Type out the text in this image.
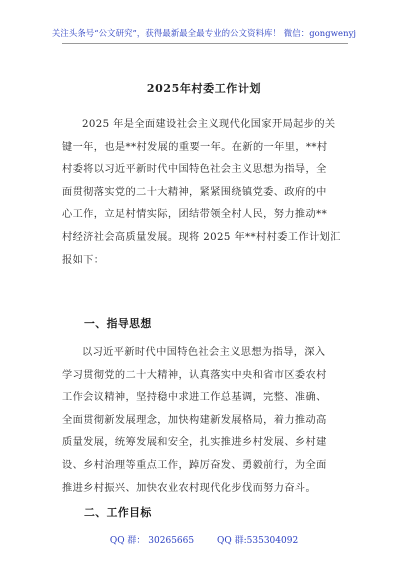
关注头条号“公文研究”，获得最新最全最专业的公文资料库！ 微信：gongwenyj
2025年村委工作计划
2025 年是全面建设社会主义现代化国家开局起步的关
键一年，也是**村发展的重要一年。在新的一年里，**村
村委将以习近平新时代中国特色社会主义思想为指导，全
面贯彻落实党的二十大精神，紧紧围绕镇党委、政府的中
心工作，立足村情实际，团结带领全村人民，努力推动**
村经济社会高质量发展。现将 2025 年**村村委工作计划汇
报如下：
一、指导思想
以习近平新时代中国特色社会主义思想为指导，深入
学习贯彻党的二十大精神，认真落实中央和省市区委农村
工作会议精神，坚持稳中求进工作总基调，完整、准确、
全面贯彻新发展理念，加快构建新发展格局，着力推动高
质量发展，统筹发展和安全，扎实推进乡村发展、乡村建
设、乡村治理等重点工作，踔厉奋发、勇毅前行，为全面
推进乡村振兴、加快农业农村现代化步伐而努力奋斗。
二、工作目标
QQ 群： 30265665	QQ 群:535304092
